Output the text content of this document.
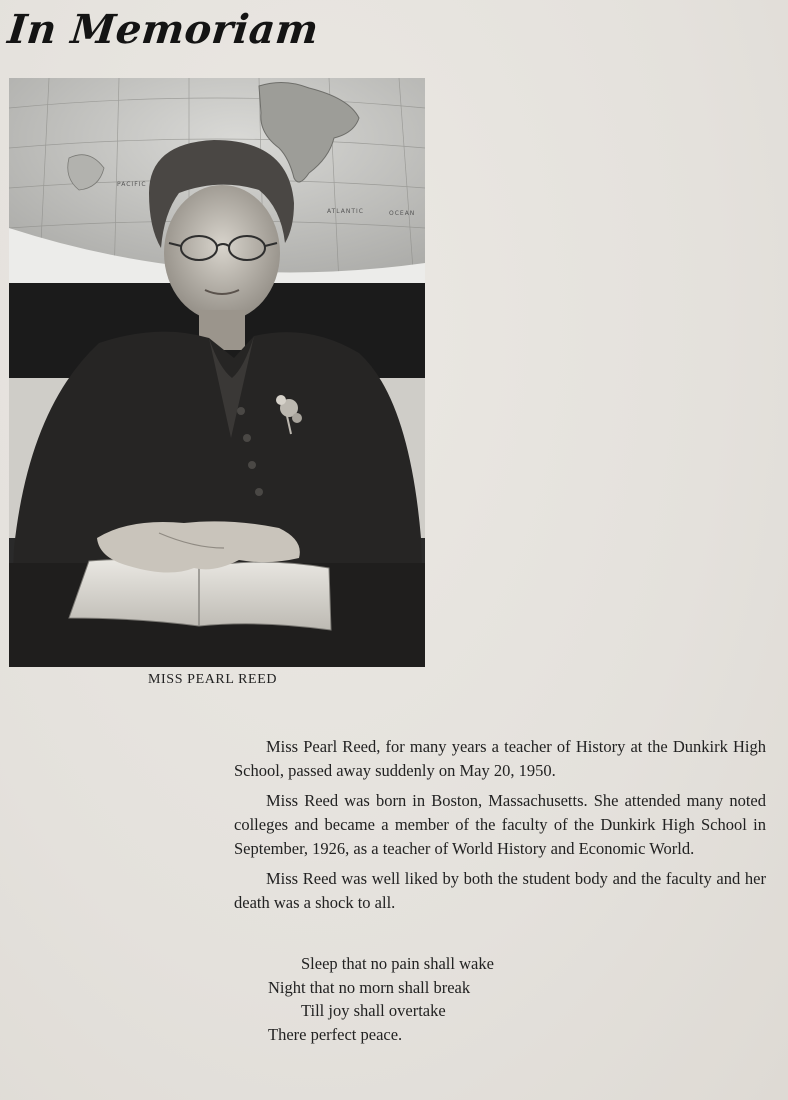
In Memoriam
PACIFIC
ATLANTIC	OCEAN
MISS PEARL REED

Miss Pearl Reed, for many years a teacher of History at the Dunkirk High School, passed away suddenly on May 20, 1950.

Miss Reed was born in Boston, Massachusetts. She attended many noted colleges and became a member of the faculty of the Dunkirk High School in September, 1926, as a teacher of World History and Economic World.

Miss Reed was well liked by both the student body and the faculty and her death was a shock to all.

Sleep that no pain shall wake
Night that no morn shall break
Till joy shall overtake
There perfect peace.
